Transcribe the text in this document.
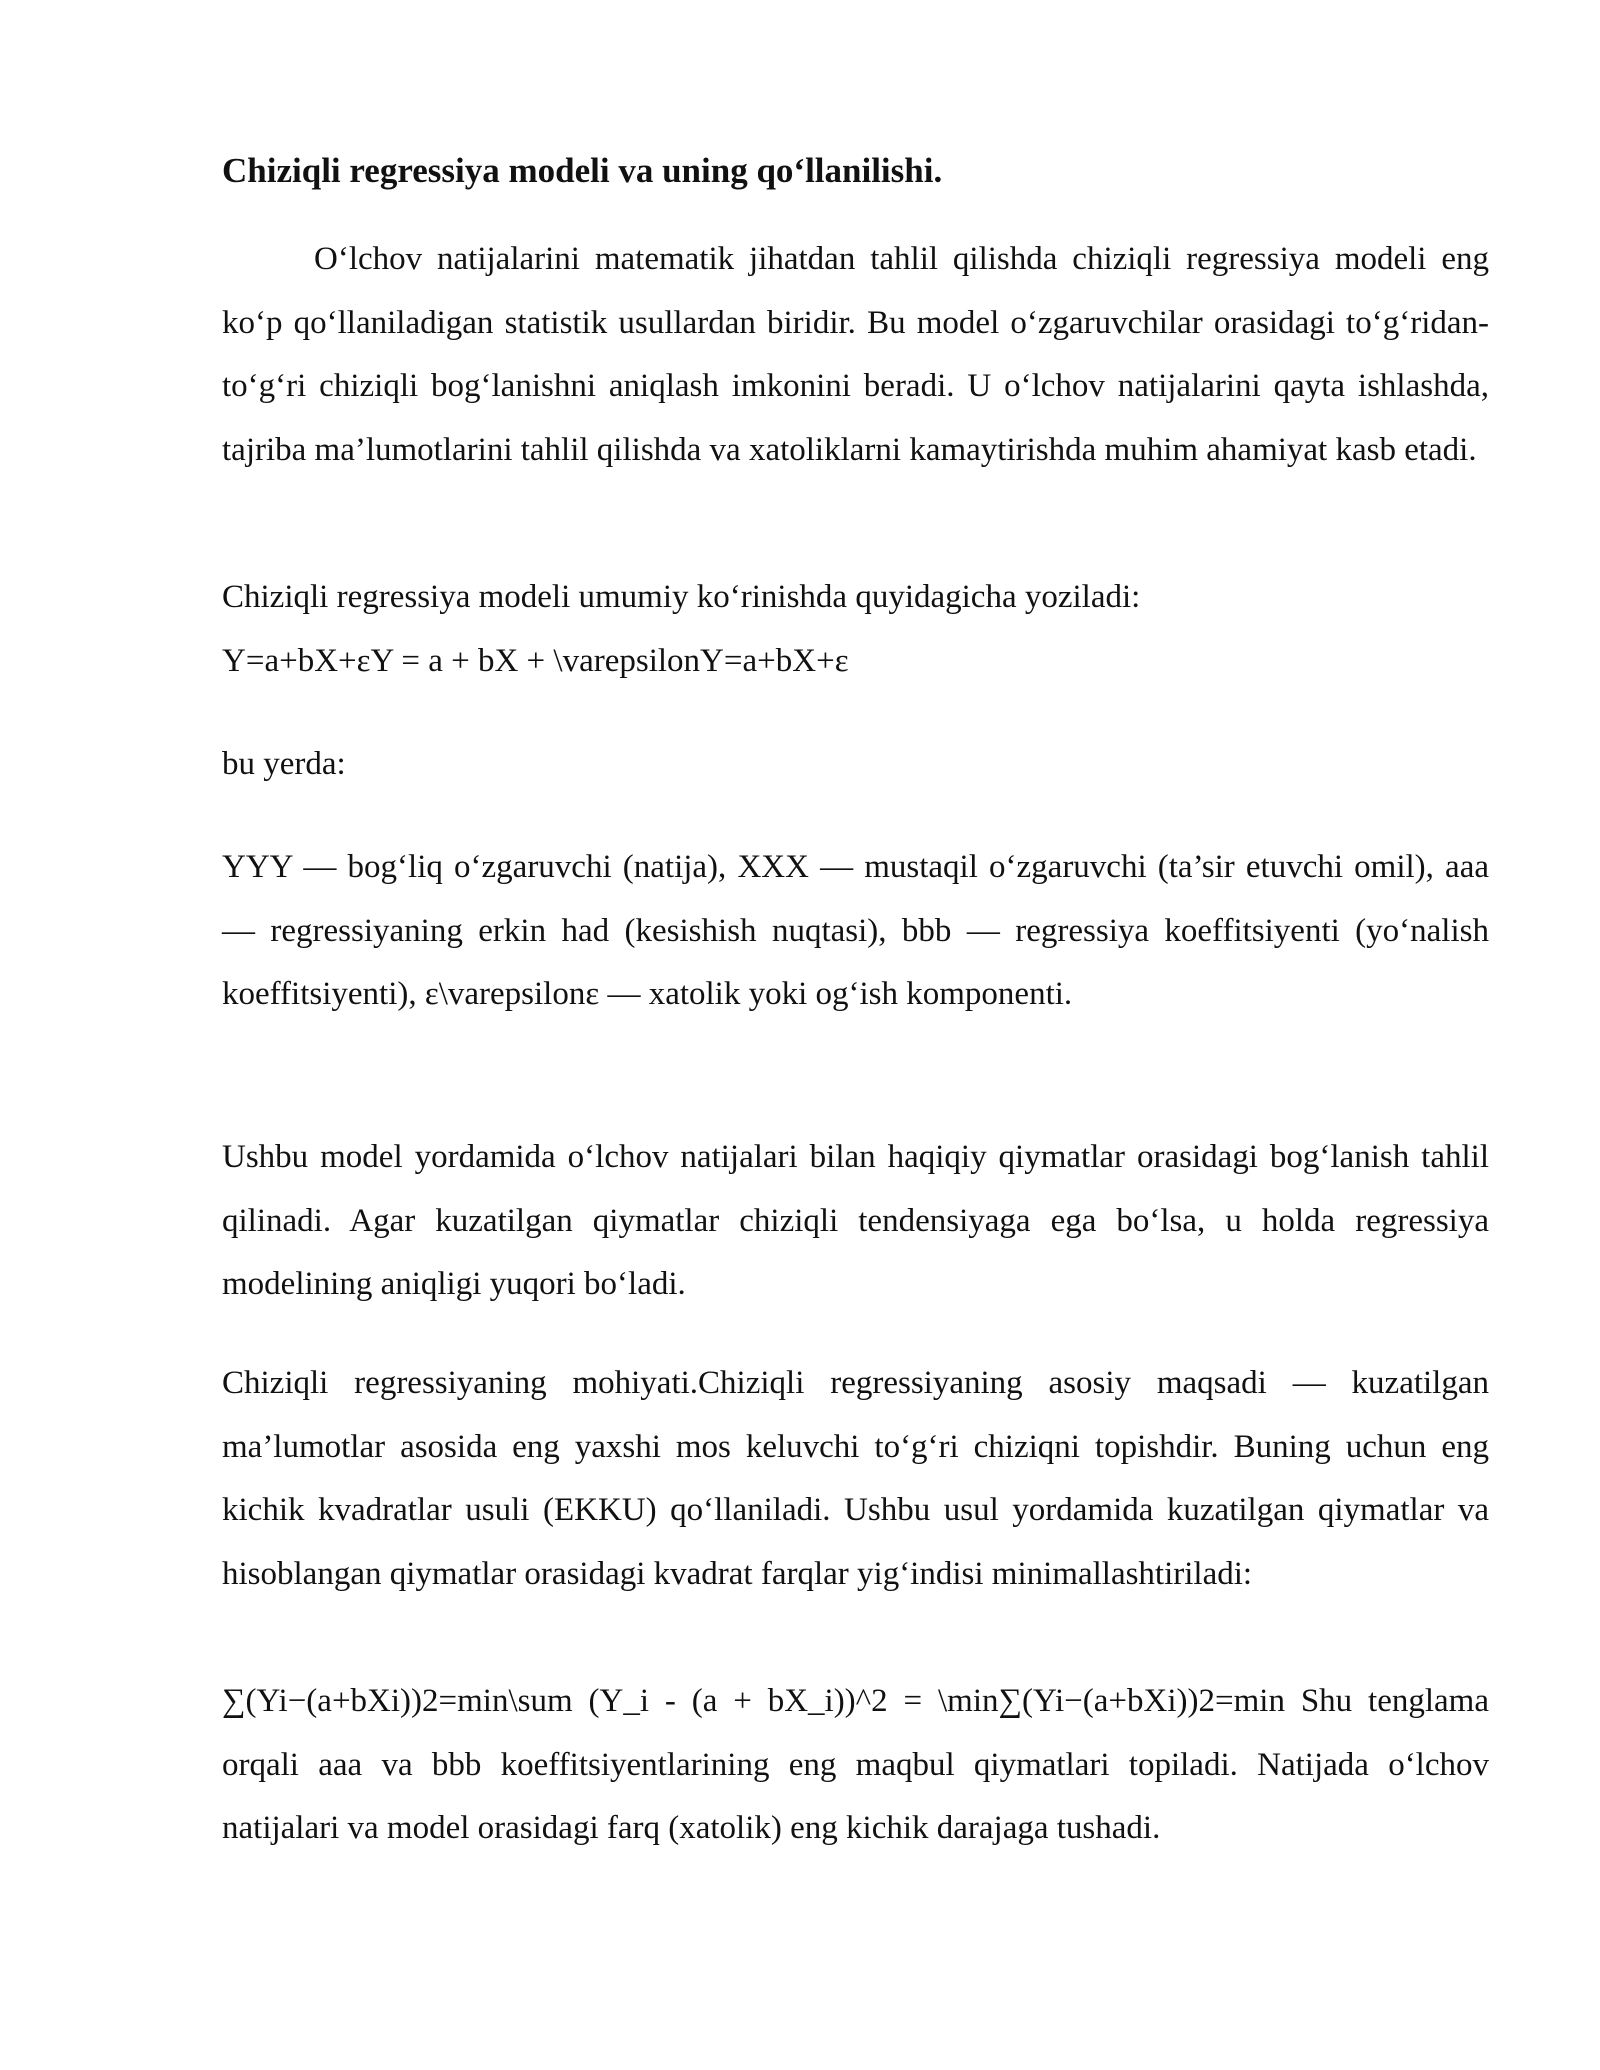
Chiziqli regressiya modeli va uning qo‘llanilishi.

O‘lchov natijalarini matematik jihatdan tahlil qilishda chiziqli regressiya modeli eng ko‘p qo‘llaniladigan statistik usullardan biridir. Bu model o‘zgaruvchilar orasidagi to‘g‘ridan-to‘g‘ri chiziqli bog‘lanishni aniqlash imkonini beradi. U o‘lchov natijalarini qayta ishlashda, tajriba ma’lumotlarini tahlil qilishda va xatoliklarni kamaytirishda muhim ahamiyat kasb etadi.

Chiziqli regressiya modeli umumiy ko‘rinishda quyidagicha yoziladi:

Y=a+bX+εY = a + bX + \varepsilonY=a+bX+ε

bu yerda:

YYY — bog‘liq o‘zgaruvchi (natija), XXX — mustaqil o‘zgaruvchi (ta’sir etuvchi omil), aaa — regressiyaning erkin had (kesishish nuqtasi), bbb — regressiya koeffitsiyenti (yo‘nalish koeffitsiyenti), ε\varepsilonε — xatolik yoki og‘ish komponenti.

Ushbu model yordamida o‘lchov natijalari bilan haqiqiy qiymatlar orasidagi bog‘lanish tahlil qilinadi. Agar kuzatilgan qiymatlar chiziqli tendensiyaga ega bo‘lsa, u holda regressiya modelining aniqligi yuqori bo‘ladi.

Chiziqli regressiyaning mohiyati.Chiziqli regressiyaning asosiy maqsadi — kuzatilgan ma’lumotlar asosida eng yaxshi mos keluvchi to‘g‘ri chiziqni topishdir. Buning uchun eng kichik kvadratlar usuli (EKKU) qo‘llaniladi. Ushbu usul yordamida kuzatilgan qiymatlar va hisoblangan qiymatlar orasidagi kvadrat farqlar yig‘indisi minimallashtiriladi:

∑(Yi−(a+bXi))2=min\sum (Y_i - (a + bX_i))^2 = \min∑(Yi−(a+bXi))2=min Shu tenglama orqali aaa va bbb koeffitsiyentlarining eng maqbul qiymatlari topiladi. Natijada o‘lchov natijalari va model orasidagi farq (xatolik) eng kichik darajaga tushadi.
